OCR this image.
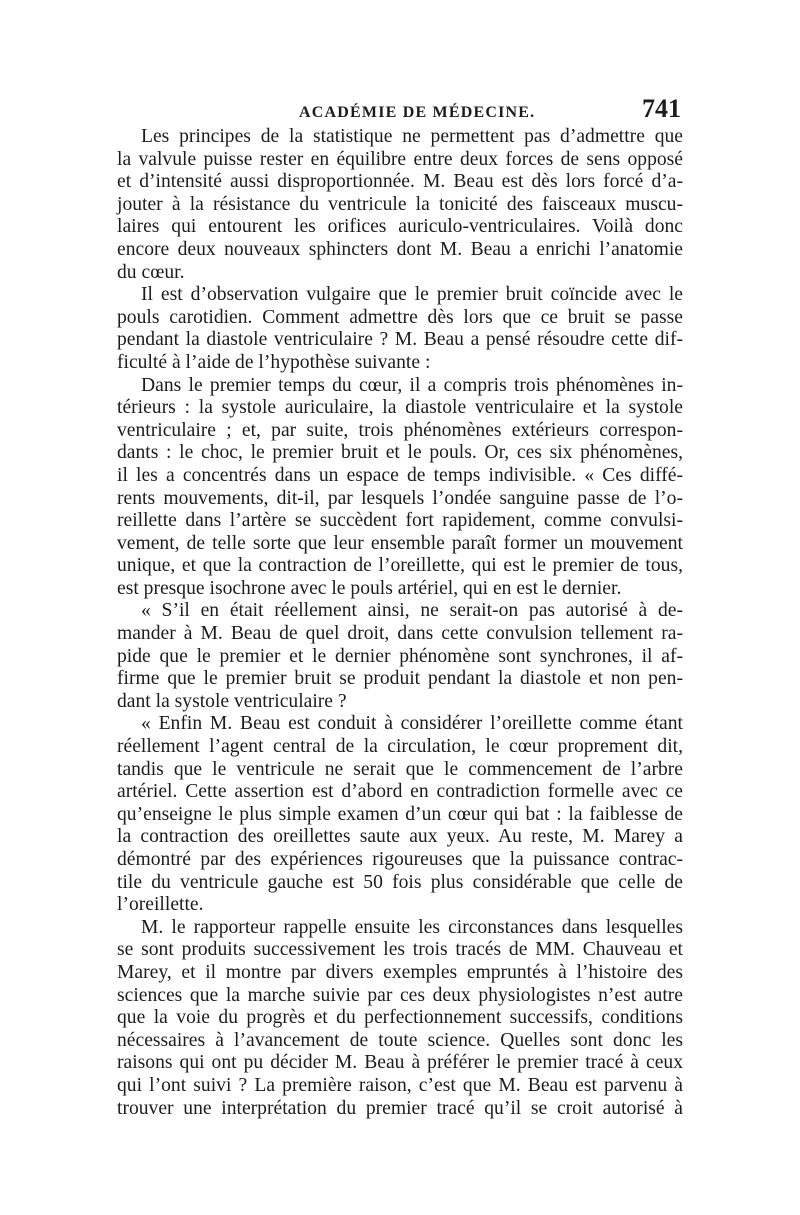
ACADÉMIE DE MÉDECINE.	741
Les principes de la statistique ne permettent pas d’admettre que
la valvule puisse rester en équilibre entre deux forces de sens opposé
et d’intensité aussi disproportionnée. M. Beau est dès lors forcé d’a-
jouter à la résistance du ventricule la tonicité des faisceaux muscu-
laires qui entourent les orifices auriculo-ventriculaires. Voilà donc
encore deux nouveaux sphincters dont M. Beau a enrichi l’anatomie
du cœur.
Il est d’observation vulgaire que le premier bruit coïncide avec le
pouls carotidien. Comment admettre dès lors que ce bruit se passe
pendant la diastole ventriculaire ? M. Beau a pensé résoudre cette dif-
ficulté à l’aide de l’hypothèse suivante :
Dans le premier temps du cœur, il a compris trois phénomènes in-
térieurs : la systole auriculaire, la diastole ventriculaire et la systole
ventriculaire ; et, par suite, trois phénomènes extérieurs correspon-
dants : le choc, le premier bruit et le pouls. Or, ces six phénomènes,
il les a concentrés dans un espace de temps indivisible. « Ces diffé-
rents mouvements, dit-il, par lesquels l’ondée sanguine passe de l’o-
reillette dans l’artère se succèdent fort rapidement, comme convulsi-
vement, de telle sorte que leur ensemble paraît former un mouvement
unique, et que la contraction de l’oreillette, qui est le premier de tous,
est presque isochrone avec le pouls artériel, qui en est le dernier.
« S’il en était réellement ainsi, ne serait-on pas autorisé à de-
mander à M. Beau de quel droit, dans cette convulsion tellement ra-
pide que le premier et le dernier phénomène sont synchrones, il af-
firme que le premier bruit se produit pendant la diastole et non pen-
dant la systole ventriculaire ?
« Enfin M. Beau est conduit à considérer l’oreillette comme étant
réellement l’agent central de la circulation, le cœur proprement dit,
tandis que le ventricule ne serait que le commencement de l’arbre
artériel. Cette assertion est d’abord en contradiction formelle avec ce
qu’enseigne le plus simple examen d’un cœur qui bat : la faiblesse de
la contraction des oreillettes saute aux yeux. Au reste, M. Marey a
démontré par des expériences rigoureuses que la puissance contrac-
tile du ventricule gauche est 50 fois plus considérable que celle de
l’oreillette.
M. le rapporteur rappelle ensuite les circonstances dans lesquelles
se sont produits successivement les trois tracés de MM. Chauveau et
Marey, et il montre par divers exemples empruntés à l’histoire des
sciences que la marche suivie par ces deux physiologistes n’est autre
que la voie du progrès et du perfectionnement successifs, conditions
nécessaires à l’avancement de toute science. Quelles sont donc les
raisons qui ont pu décider M. Beau à préférer le premier tracé à ceux
qui l’ont suivi ? La première raison, c’est que M. Beau est parvenu à
trouver une interprétation du premier tracé qu’il se croit autorisé à
